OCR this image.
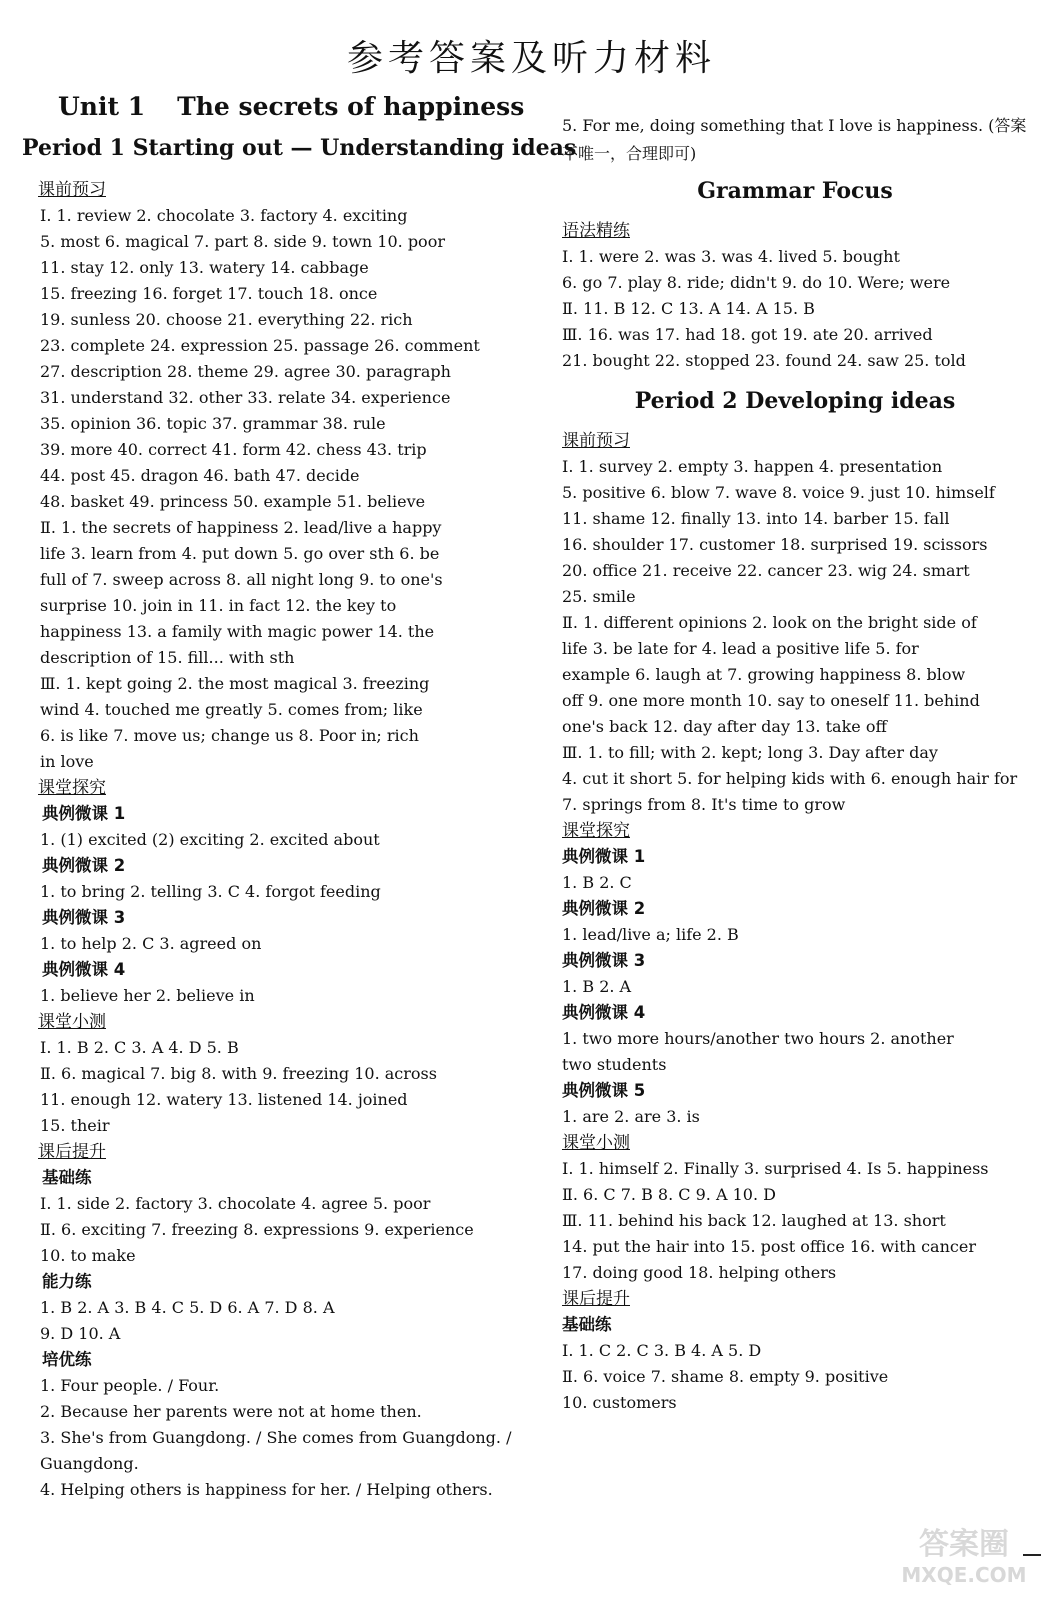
参考答案及听力材料
Unit 1 The secrets of happiness
Period 1 Starting out — Understanding ideas
课前预习
Ⅰ. 1. review 2. chocolate 3. factory 4. exciting
5. most 6. magical 7. part 8. side 9. town 10. poor
11. stay 12. only 13. watery 14. cabbage
15. freezing 16. forget 17. touch 18. once
19. sunless 20. choose 21. everything 22. rich
23. complete 24. expression 25. passage 26. comment
27. description 28. theme 29. agree 30. paragraph
31. understand 32. other 33. relate 34. experience
35. opinion 36. topic 37. grammar 38. rule
39. more 40. correct 41. form 42. chess 43. trip
44. post 45. dragon 46. bath 47. decide
48. basket 49. princess 50. example 51. believe
Ⅱ. 1. the secrets of happiness 2. lead/live a happy
life 3. learn from 4. put down 5. go over sth 6. be
full of 7. sweep across 8. all night long 9. to one's
surprise 10. join in 11. in fact 12. the key to
happiness 13. a family with magic power 14. the
description of 15. fill... with sth
Ⅲ. 1. kept going 2. the most magical 3. freezing
wind 4. touched me greatly 5. comes from; like
6. is like 7. move us; change us 8. Poor in; rich
in love
课堂探究
典例微课 1
1. (1) excited (2) exciting 2. excited about
典例微课 2
1. to bring 2. telling 3. C 4. forgot feeding
典例微课 3
1. to help 2. C 3. agreed on
典例微课 4
1. believe her 2. believe in
课堂小测
Ⅰ. 1. B 2. C 3. A 4. D 5. B
Ⅱ. 6. magical 7. big 8. with 9. freezing 10. across
11. enough 12. watery 13. listened 14. joined
15. their
课后提升
基础练
Ⅰ. 1. side 2. factory 3. chocolate 4. agree 5. poor
Ⅱ. 6. exciting 7. freezing 8. expressions 9. experience
10. to make
能力练
1. B 2. A 3. B 4. C 5. D 6. A 7. D 8. A
9. D 10. A
培优练
1. Four people. / Four.
2. Because her parents were not at home then.
3. She's from Guangdong. / She comes from Guangdong. /
Guangdong.
4. Helping others is happiness for her. / Helping others.
5. For me, doing something that I love is happiness. (答案不唯一，合理即可)
Grammar Focus
语法精练
Ⅰ. 1. were 2. was 3. was 4. lived 5. bought
6. go 7. play 8. ride; didn't 9. do 10. Were; were
Ⅱ. 11. B 12. C 13. A 14. A 15. B
Ⅲ. 16. was 17. had 18. got 19. ate 20. arrived
21. bought 22. stopped 23. found 24. saw 25. told
Period 2 Developing ideas
课前预习
Ⅰ. 1. survey 2. empty 3. happen 4. presentation
5. positive 6. blow 7. wave 8. voice 9. just 10. himself
11. shame 12. finally 13. into 14. barber 15. fall
16. shoulder 17. customer 18. surprised 19. scissors
20. office 21. receive 22. cancer 23. wig 24. smart
25. smile
Ⅱ. 1. different opinions 2. look on the bright side of
life 3. be late for 4. lead a positive life 5. for
example 6. laugh at 7. growing happiness 8. blow
off 9. one more month 10. say to oneself 11. behind
one's back 12. day after day 13. take off
Ⅲ. 1. to fill; with 2. kept; long 3. Day after day
4. cut it short 5. for helping kids with 6. enough hair for
7. springs from 8. It's time to grow
课堂探究
典例微课 1
1. B 2. C
典例微课 2
1. lead/live a; life 2. B
典例微课 3
1. B 2. A
典例微课 4
1. two more hours/another two hours 2. another
two students
典例微课 5
1. are 2. are 3. is
课堂小测
Ⅰ. 1. himself 2. Finally 3. surprised 4. Is 5. happiness
Ⅱ. 6. C 7. B 8. C 9. A 10. D
Ⅲ. 11. behind his back 12. laughed at 13. short
14. put the hair into 15. post office 16. with cancer
17. doing good 18. helping others
课后提升
基础练
Ⅰ. 1. C 2. C 3. B 4. A 5. D
Ⅱ. 6. voice 7. shame 8. empty 9. positive
10. customers
答案圈
MXQE.COM
